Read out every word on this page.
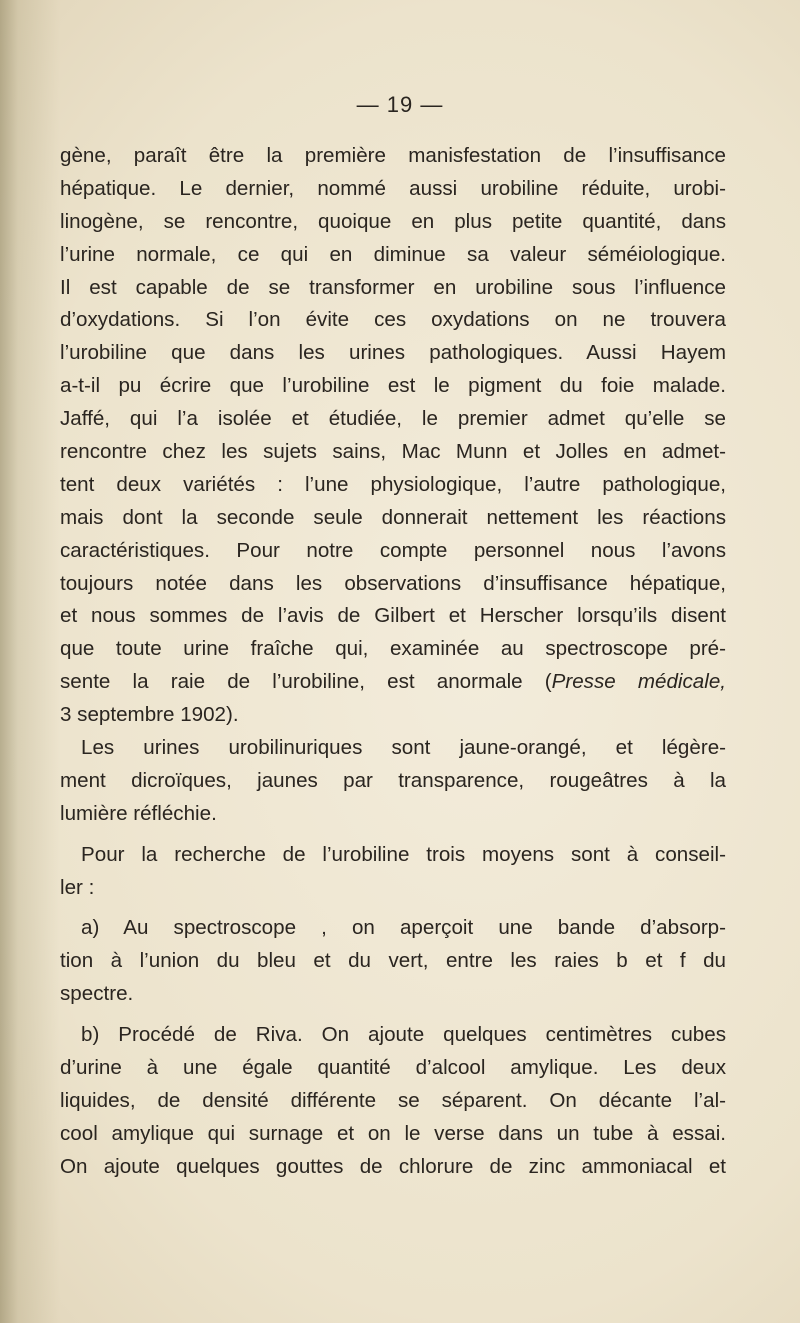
— 19 —
gène, paraît être la première manisfestation de l’insuffisance
hépatique. Le dernier, nommé aussi urobiline réduite, urobi-
linogène, se rencontre, quoique en plus petite quantité, dans
l’urine normale, ce qui en diminue sa valeur séméiologique.
Il est capable de se transformer en urobiline sous l’influence
d’oxydations. Si l’on évite ces oxydations on ne trouvera
l’urobiline que dans les urines pathologiques. Aussi Hayem
a-t-il pu écrire que l’urobiline est le pigment du foie malade.
Jaffé, qui l’a isolée et étudiée, le premier admet qu’elle se
rencontre chez les sujets sains, Mac Munn et Jolles en admet-
tent deux variétés : l’une physiologique, l’autre pathologique,
mais dont la seconde seule donnerait nettement les réactions
caractéristiques. Pour notre compte personnel nous l’avons
toujours notée dans les observations d’insuffisance hépatique,
et nous sommes de l’avis de Gilbert et Herscher lorsqu’ils disent
que toute urine fraîche qui, examinée au spectroscope pré-
sente la raie de l’urobiline, est anormale (Presse médicale,
3 septembre 1902).
Les urines urobilinuriques sont jaune-orangé, et légère-
ment dicroïques, jaunes par transparence, rougeâtres à la
lumière réfléchie.
Pour la recherche de l’urobiline trois moyens sont à conseil-
ler :
a) Au spectroscope , on aperçoit une bande d’absorp-
tion à l’union du bleu et du vert, entre les raies b et f du
spectre.
b) Procédé de Riva. On ajoute quelques centimètres cubes
d’urine à une égale quantité d’alcool amylique. Les deux
liquides, de densité différente se séparent. On décante l’al-
cool amylique qui surnage et on le verse dans un tube à essai.
On ajoute quelques gouttes de chlorure de zinc ammoniacal et
